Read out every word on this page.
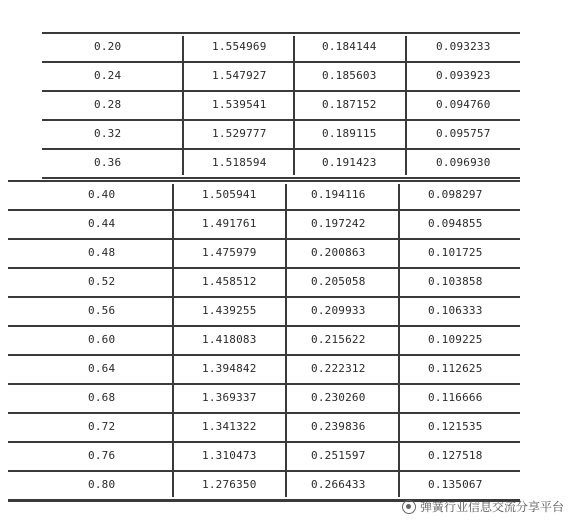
0.20	1.554969	0.184144	0.093233
0.24	1.547927	0.185603	0.093923
0.28	1.539541	0.187152	0.094760
0.32	1.529777	0.189115	0.095757
0.36	1.518594	0.191423	0.096930
0.40	1.505941	0.194116	0.098297
0.44	1.491761	0.197242	0.094855
0.48	1.475979	0.200863	0.101725
0.52	1.458512	0.205058	0.103858
0.56	1.439255	0.209933	0.106333
0.60	1.418083	0.215622	0.109225
0.64	1.394842	0.222312	0.112625
0.68	1.369337	0.230260	0.116666
0.72	1.341322	0.239836	0.121535
0.76	1.310473	0.251597	0.127518
0.80	1.276350	0.266433	0.135067
弹簧行业信息交流分享平台
